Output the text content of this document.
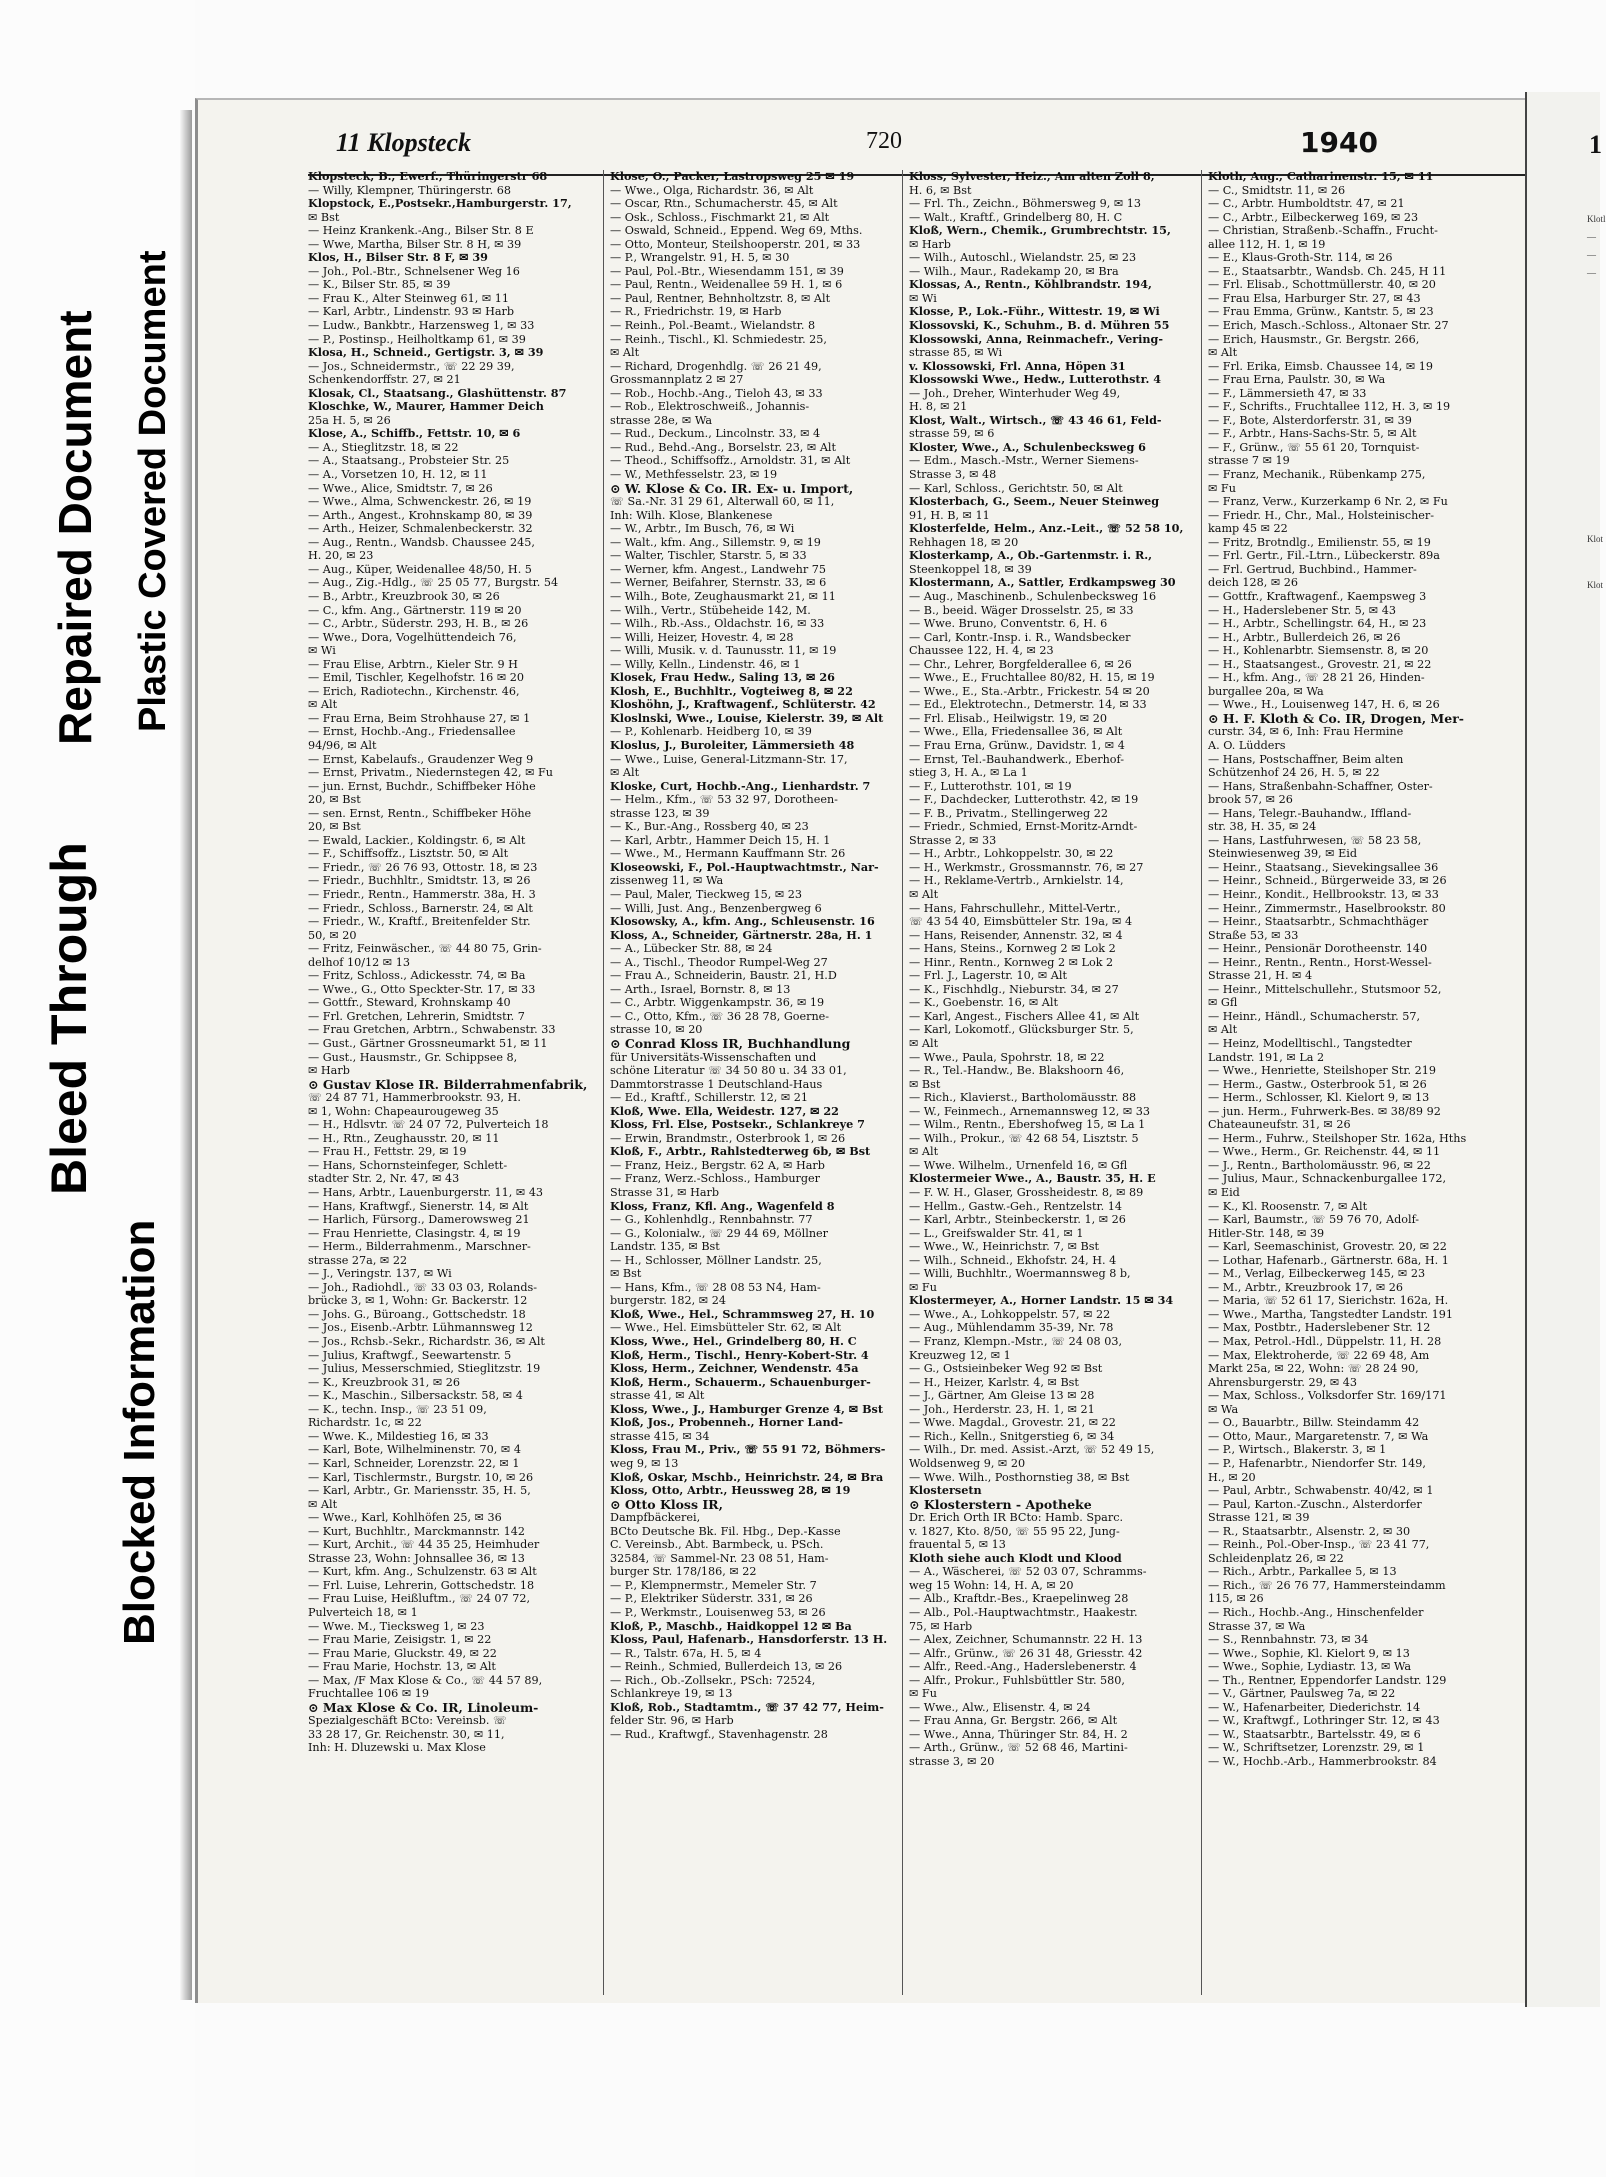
Bleed Through
Repaired Document Plastic Covered Document
Blocked Information
11 Klopsteck	720	1940
Klopsteck, B., Ewerf., Thüringerstr 68
— Willy, Klempner, Thüringerstr. 68
Klopstock, E.,Postsekr.,Hamburgerstr. 17,
✉ Bst
— Heinz Krankenk.-Ang., Bilser Str. 8 E
— Wwe, Martha, Bilser Str. 8 H, ✉ 39
Klos, H., Bilser Str. 8 F, ✉ 39
— Joh., Pol.-Btr., Schnelsener Weg 16
— K., Bilser Str. 85, ✉ 39
— Frau K., Alter Steinweg 61, ✉ 11
— Karl, Arbtr., Lindenstr. 93 ✉ Harb
— Ludw., Bankbtr., Harzensweg 1, ✉ 33
— P., Postinsp., Heilholtkamp 61, ✉ 39
Klosa, H., Schneid., Gertigstr. 3, ✉ 39
— Jos., Schneidermstr., ☏ 22 29 39,
Schenkendorffstr. 27, ✉ 21
Klosak, Cl., Staatsang., Glashüttenstr. 87
Kloschke, W., Maurer, Hammer Deich
25a H. 5, ✉ 26
Klose, A., Schiffb., Fettstr. 10, ✉ 6
— A., Stieglitzstr. 18, ✉ 22
— A., Staatsang., Probsteier Str. 25
— A., Vorsetzen 10, H. 12, ✉ 11
— Wwe., Alice, Smidtstr. 7, ✉ 26
— Wwe., Alma, Schwenckestr. 26, ✉ 19
— Arth., Angest., Krohnskamp 80, ✉ 39
— Arth., Heizer, Schmalenbeckerstr. 32
— Aug., Rentn., Wandsb. Chaussee 245,
H. 20, ✉ 23
— Aug., Küper, Weidenallee 48/50, H. 5
— Aug., Zig.-Hdlg., ☏ 25 05 77, Burgstr. 54
— B., Arbtr., Kreuzbrook 30, ✉ 26
— C., kfm. Ang., Gärtnerstr. 119 ✉ 20
— C., Arbtr., Süderstr. 293, H. B., ✉ 26
— Wwe., Dora, Vogelhüttendeich 76,
✉ Wi
— Frau Elise, Arbtrn., Kieler Str. 9 H
— Emil, Tischler, Kegelhofstr. 16 ✉ 20
— Erich, Radiotechn., Kirchenstr. 46,
✉ Alt
— Frau Erna, Beim Strohhause 27, ✉ 1
— Ernst, Hochb.-Ang., Friedensallee
94/96, ✉ Alt
— Ernst, Kabelaufs., Graudenzer Weg 9
— Ernst, Privatm., Niedernstegen 42, ✉ Fu
— jun. Ernst, Buchdr., Schiffbeker Höhe
20, ✉ Bst
— sen. Ernst, Rentn., Schiffbeker Höhe
20, ✉ Bst
— Ewald, Lackier., Koldingstr. 6, ✉ Alt
— F., Schiffsoffz., Lisztstr. 50, ✉ Alt
— Friedr., ☏ 26 76 93, Ottostr. 18, ✉ 23
— Friedr., Buchhltr., Smidtstr. 13, ✉ 26
— Friedr., Rentn., Hammerstr. 38a, H. 3
— Friedr., Schloss., Barnerstr. 24, ✉ Alt
— Friedr., W., Kraftf., Breitenfelder Str.
50, ✉ 20
— Fritz, Feinwäscher., ☏ 44 80 75, Grin-
delhof 10/12 ✉ 13
— Fritz, Schloss., Adickesstr. 74, ✉ Ba
— Wwe., G., Otto Speckter-Str. 17, ✉ 33
— Gottfr., Steward, Krohnskamp 40
— Frl. Gretchen, Lehrerin, Smidtstr. 7
— Frau Gretchen, Arbtrn., Schwabenstr. 33
— Gust., Gärtner Grossneumarkt 51, ✉ 11
— Gust., Hausmstr., Gr. Schippsee 8,
✉ Harb
⊙ Gustav Klose IR. Bilderrahmenfabrik,
☏ 24 87 71, Hammerbrookstr. 93, H.
✉ 1, Wohn: Chapeaurougeweg 35
— H., Hdlsvtr. ☏ 24 07 72, Pulverteich 18
— H., Rtn., Zeughausstr. 20, ✉ 11
— Frau H., Fettstr. 29, ✉ 19
— Hans, Schornsteinfeger, Schlett-
stadter Str. 2, Nr. 47, ✉ 43
— Hans, Arbtr., Lauenburgerstr. 11, ✉ 43
— Hans, Kraftwgf., Sienerstr. 14, ✉ Alt
— Harlich, Fürsorg., Damerowsweg 21
— Frau Henriette, Clasingstr. 4, ✉ 19
— Herm., Bilderrahmenm., Marschner-
strasse 27a, ✉ 22
— J., Veringstr. 137, ✉ Wi
— Joh., Radiohdl., ☏ 33 03 03, Rolands-
brücke 3, ✉ 1, Wohn: Gr. Backerstr. 12
— Johs. G., Büroang., Gottschedstr. 18
— Jos., Eisenb.-Arbtr. Lühmannsweg 12
— Jos., Rchsb.-Sekr., Richardstr. 36, ✉ Alt
— Julius, Kraftwgf., Seewartenstr. 5
— Julius, Messerschmied, Stieglitzstr. 19
— K., Kreuzbrook 31, ✉ 26
— K., Maschin., Silbersackstr. 58, ✉ 4
— K., techn. Insp., ☏ 23 51 09,
Richardstr. 1c, ✉ 22
— Wwe. K., Mildestieg 16, ✉ 33
— Karl, Bote, Wilhelminenstr. 70, ✉ 4
— Karl, Schneider, Lorenzstr. 22, ✉ 1
— Karl, Tischlermstr., Burgstr. 10, ✉ 26
— Karl, Arbtr., Gr. Mariensstr. 35, H. 5,
✉ Alt
— Wwe., Karl, Kohlhöfen 25, ✉ 36
— Kurt, Buchhltr., Marckmannstr. 142
— Kurt, Archit., ☏ 44 35 25, Heimhuder
Strasse 23, Wohn: Johnsallee 36, ✉ 13
— Kurt, kfm. Ang., Schulzenstr. 63 ✉ Alt
— Frl. Luise, Lehrerin, Gottschedstr. 18
— Frau Luise, Heißluftm., ☏ 24 07 72,
Pulverteich 18, ✉ 1
— Wwe. M., Tiecksweg 1, ✉ 23
— Frau Marie, Zeisigstr. 1, ✉ 22
— Frau Marie, Gluckstr. 49, ✉ 22
— Frau Marie, Hochstr. 13, ✉ Alt
— Max, /F Max Klose & Co., ☏ 44 57 89,
Fruchtallee 106 ✉ 19
⊙ Max Klose & Co. IR, Linoleum-
Spezialgeschäft BCto: Vereinsb. ☏
33 28 17, Gr. Reichenstr. 30, ✉ 11,
Inh: H. Dluzewski u. Max Klose
Klose, O., Packer, Lastropsweg 25 ✉ 19
— Wwe., Olga, Richardstr. 36, ✉ Alt
— Oscar, Rtn., Schumacherstr. 45, ✉ Alt
— Osk., Schloss., Fischmarkt 21, ✉ Alt
— Oswald, Schneid., Eppend. Weg 69, Mths.
— Otto, Monteur, Steilshooperstr. 201, ✉ 33
— P., Wrangelstr. 91, H. 5, ✉ 30
— Paul, Pol.-Btr., Wiesendamm 151, ✉ 39
— Paul, Rentn., Weidenallee 59 H. 1, ✉ 6
— Paul, Rentner, Behnholtzstr. 8, ✉ Alt
— R., Friedrichstr. 19, ✉ Harb
— Reinh., Pol.-Beamt., Wielandstr. 8
— Reinh., Tischl., Kl. Schmiedestr. 25,
✉ Alt
— Richard, Drogenhdlg. ☏ 26 21 49,
Grossmannplatz 2 ✉ 27
— Rob., Hochb.-Ang., Tieloh 43, ✉ 33
— Rob., Elektroschweiß., Johannis-
strasse 28e, ✉ Wa
— Rud., Deckum., Lincolnstr. 33, ✉ 4
— Rud., Behd.-Ang., Borselstr. 23, ✉ Alt
— Theod., Schiffsoffz., Arnoldstr. 31, ✉ Alt
— W., Methfesselstr. 23, ✉ 19
⊙ W. Klose & Co. IR. Ex- u. Import,
☏ Sa.-Nr. 31 29 61, Alterwall 60, ✉ 11,
Inh: Wilh. Klose, Blankenese
— W., Arbtr., Im Busch, 76, ✉ Wi
— Walt., kfm. Ang., Sillemstr. 9, ✉ 19
— Walter, Tischler, Starstr. 5, ✉ 33
— Werner, kfm. Angest., Landwehr 75
— Werner, Beifahrer, Sternstr. 33, ✉ 6
— Wilh., Bote, Zeughausmarkt 21, ✉ 11
— Wilh., Vertr., Stübeheide 142, M.
— Wilh., Rb.-Ass., Oldachstr. 16, ✉ 33
— Willi, Heizer, Hovestr. 4, ✉ 28
— Willi, Musik. v. d. Taunusstr. 11, ✉ 19
— Willy, Kelln., Lindenstr. 46, ✉ 1
Klosek, Frau Hedw., Saling 13, ✉ 26
Klosh, E., Buchhltr., Vogteiweg 8, ✉ 22
Kloshöhn, J., Kraftwagenf., Schlüterstr. 42
Kloslnski, Wwe., Louise, Kielerstr. 39, ✉ Alt
— P., Kohlenarb. Heidberg 10, ✉ 39
Kloslus, J., Buroleiter, Lämmersieth 48
— Wwe., Luise, General-Litzmann-Str. 17,
✉ Alt
Kloske, Curt, Hochb.-Ang., Lienhardstr. 7
— Helm., Kfm., ☏ 53 32 97, Dorotheen-
strasse 123, ✉ 39
— K., Bur.-Ang., Rossberg 40, ✉ 23
— Karl, Arbtr., Hammer Deich 15, H. 1
— Wwe., M., Hermann Kauffmann Str. 26
Kloseowski, F., Pol.-Hauptwachtmstr., Nar-
zissenweg 11, ✉ Wa
— Paul, Maler, Tieckweg 15, ✉ 23
— Willi, Just. Ang., Benzenbergweg 6
Klosowsky, A., kfm. Ang., Schleusenstr. 16
Kloss, A., Schneider, Gärtnerstr. 28a, H. 1
— A., Lübecker Str. 88, ✉ 24
— A., Tischl., Theodor Rumpel-Weg 27
— Frau A., Schneiderin, Baustr. 21, H.D
— Arth., Israel, Bornstr. 8, ✉ 13
— C., Arbtr. Wiggenkampstr. 36, ✉ 19
— C., Otto, Kfm., ☏ 36 28 78, Goerne-
strasse 10, ✉ 20
⊙ Conrad Kloss IR, Buchhandlung
für Universitäts-Wissenschaften und
schöne Literatur ☏ 34 50 80 u. 34 33 01,
Dammtorstrasse 1 Deutschland-Haus
— Ed., Kraftf., Schillerstr. 12, ✉ 21
Kloß, Wwe. Ella, Weidestr. 127, ✉ 22
Kloss, Frl. Else, Postsekr., Schlankreye 7
— Erwin, Brandmstr., Osterbrook 1, ✉ 26
Kloß, F., Arbtr., Rahlstedterweg 6b, ✉ Bst
— Franz, Heiz., Bergstr. 62 A, ✉ Harb
— Franz, Werz.-Schloss., Hamburger
Strasse 31, ✉ Harb
Kloss, Franz, Kfl. Ang., Wagenfeld 8
— G., Kohlenhdlg., Rennbahnstr. 77
— G., Kolonialw., ☏ 29 44 69, Möllner
Landstr. 135, ✉ Bst
— H., Schlosser, Möllner Landstr. 25,
✉ Bst
— Hans, Kfm., ☏ 28 08 53 N4, Ham-
burgerstr. 182, ✉ 24
Kloß, Wwe., Hel., Schrammsweg 27, H. 10
— Wwe., Hel. Eimsbütteler Str. 62, ✉ Alt
Kloss, Wwe., Hel., Grindelberg 80, H. C
Kloß, Herm., Tischl., Henry-Kobert-Str. 4
Kloss, Herm., Zeichner, Wendenstr. 45a
Kloß, Herm., Schauerm., Schauenburger-
strasse 41, ✉ Alt
Kloss, Wwe., J., Hamburger Grenze 4, ✉ Bst
Kloß, Jos., Probenneh., Horner Land-
strasse 415, ✉ 34
Kloss, Frau M., Priv., ☏ 55 91 72, Böhmers-
weg 9, ✉ 13
Kloß, Oskar, Mschb., Heinrichstr. 24, ✉ Bra
Kloss, Otto, Arbtr., Heussweg 28, ✉ 19
⊙ Otto Kloss IR,
Dampfbäckerei,
BCto Deutsche Bk. Fil. Hbg., Dep.-Kasse
C. Vereinsb., Abt. Barmbeck, u. PSch.
32584, ☏ Sammel-Nr. 23 08 51, Ham-
burger Str. 178/186, ✉ 22
— P., Klempnermstr., Memeler Str. 7
— P., Elektriker Süderstr. 331, ✉ 26
— P., Werkmstr., Louisenweg 53, ✉ 26
Kloß, P., Maschb., Haidkoppel 12 ✉ Ba
Kloss, Paul, Hafenarb., Hansdorferstr. 13 H.
— R., Talstr. 67a, H. 5, ✉ 4
— Reinh., Schmied, Bullerdeich 13, ✉ 26
— Rich., Ob.-Zollsekr., PSch: 72524,
Schlankreye 19, ✉ 13
Kloß, Rob., Stadtamtm., ☏ 37 42 77, Heim-
felder Str. 96, ✉ Harb
— Rud., Kraftwgf., Stavenhagenstr. 28
Kloss, Sylvester, Heiz., Am alten Zoll 8,
H. 6, ✉ Bst
— Frl. Th., Zeichn., Böhmersweg 9, ✉ 13
— Walt., Kraftf., Grindelberg 80, H. C
Kloß, Wern., Chemik., Grumbrechtstr. 15,
✉ Harb
— Wilh., Autoschl., Wielandstr. 25, ✉ 23
— Wilh., Maur., Radekamp 20, ✉ Bra
Klossas, A., Rentn., Köhlbrandstr. 194,
✉ Wi
Klosse, P., Lok.-Führ., Wittestr. 19, ✉ Wi
Klossovski, K., Schuhm., B. d. Mühren 55
Klossowski, Anna, Reinmachefr., Vering-
strasse 85, ✉ Wi
v. Klossowski, Frl. Anna, Höpen 31
Klossowski Wwe., Hedw., Lutterothstr. 4
— Joh., Dreher, Winterhuder Weg 49,
H. 8, ✉ 21
Klost, Walt., Wirtsch., ☏ 43 46 61, Feld-
strasse 59, ✉ 6
Kloster, Wwe., A., Schulenbecksweg 6
— Edm., Masch.-Mstr., Werner Siemens-
Strasse 3, ✉ 48
— Karl, Schloss., Gerichtstr. 50, ✉ Alt
Klosterbach, G., Seem., Neuer Steinweg
91, H. B, ✉ 11
Klosterfelde, Helm., Anz.-Leit., ☏ 52 58 10,
Rehhagen 18, ✉ 20
Klosterkamp, A., Ob.-Gartenmstr. i. R.,
Steenkoppel 18, ✉ 39
Klostermann, A., Sattler, Erdkampsweg 30
— Aug., Maschinenb., Schulenbecksweg 16
— B., beeid. Wäger Drosselstr. 25, ✉ 33
— Wwe. Bruno, Conventstr. 6, H. 6
— Carl, Kontr.-Insp. i. R., Wandsbecker
Chaussee 122, H. 4, ✉ 23
— Chr., Lehrer, Borgfelderallee 6, ✉ 26
— Wwe., E., Fruchtallee 80/82, H. 15, ✉ 19
— Wwe., E., Sta.-Arbtr., Frickestr. 54 ✉ 20
— Ed., Elektrotechn., Detmerstr. 14, ✉ 33
— Frl. Elisab., Heilwigstr. 19, ✉ 20
— Wwe., Ella, Friedensallee 36, ✉ Alt
— Frau Erna, Grünw., Davidstr. 1, ✉ 4
— Ernst, Tel.-Bauhandwerk., Eberhof-
stieg 3, H. A., ✉ La 1
— F., Lutterothstr. 101, ✉ 19
— F., Dachdecker, Lutterothstr. 42, ✉ 19
— F. B., Privatm., Stellingerweg 22
— Friedr., Schmied, Ernst-Moritz-Arndt-
Strasse 2, ✉ 33
— H., Arbtr., Lohkoppelstr. 30, ✉ 22
— H., Werkmstr., Grossmannstr. 76, ✉ 27
— H., Reklame-Vertrb., Arnkielstr. 14,
✉ Alt
— Hans, Fahrschullehr., Mittel-Vertr.,
☏ 43 54 40, Eimsbütteler Str. 19a, ✉ 4
— Hans, Reisender, Annenstr. 32, ✉ 4
— Hans, Steins., Kornweg 2 ✉ Lok 2
— Hinr., Rentn., Kornweg 2 ✉ Lok 2
— Frl. J., Lagerstr. 10, ✉ Alt
— K., Fischhdlg., Nieburstr. 34, ✉ 27
— K., Goebenstr. 16, ✉ Alt
— Karl, Angest., Fischers Allee 41, ✉ Alt
— Karl, Lokomotf., Glücksburger Str. 5,
✉ Alt
— Wwe., Paula, Spohrstr. 18, ✉ 22
— R., Tel.-Handw., Be. Blakshoorn 46,
✉ Bst
— Rich., Klavierst., Bartholomäusstr. 88
— W., Feinmech., Arnemannsweg 12, ✉ 33
— Wilm., Rentn., Ebershofweg 15, ✉ La 1
— Wilh., Prokur., ☏ 42 68 54, Lisztstr. 5
✉ Alt
— Wwe. Wilhelm., Urnenfeld 16, ✉ Gfl
Klostermeier Wwe., A., Baustr. 35, H. E
— F. W. H., Glaser, Grossheidestr. 8, ✉ 89
— Hellm., Gastw.-Geh., Rentzelstr. 14
— Karl, Arbtr., Steinbeckerstr. 1, ✉ 26
— L., Greifswalder Str. 41, ✉ 1
— Wwe., W., Heinrichstr. 7, ✉ Bst
— Wilh., Schneid., Ekhofstr. 24, H. 4
— Willi, Buchhltr., Woermannsweg 8 b,
✉ Fu
Klostermeyer, A., Horner Landstr. 15 ✉ 34
— Wwe., A., Lohkoppelstr. 57, ✉ 22
— Aug., Mühlendamm 35-39, Nr. 78
— Franz, Klempn.-Mstr., ☏ 24 08 03,
Kreuzweg 12, ✉ 1
— G., Ostsieinbeker Weg 92 ✉ Bst
— H., Heizer, Karlstr. 4, ✉ Bst
— J., Gärtner, Am Gleise 13 ✉ 28
— Joh., Herderstr. 23, H. 1, ✉ 21
— Wwe. Magdal., Grovestr. 21, ✉ 22
— Rich., Kelln., Snitgerstieg 6, ✉ 34
— Wilh., Dr. med. Assist.-Arzt, ☏ 52 49 15,
Woldsenweg 9, ✉ 20
— Wwe. Wilh., Posthornstieg 38, ✉ Bst
Klostersetn
⊙ Klosterstern - Apotheke
Dr. Erich Orth IR BCto: Hamb. Sparc.
v. 1827, Kto. 8/50, ☏ 55 95 22, Jung-
frauental 5, ✉ 13
Kloth siehe auch Klodt und Klood
— A., Wäscherei, ☏ 52 03 07, Schramms-
weg 15 Wohn: 14, H. A, ✉ 20
— Alb., Kraftdr.-Bes., Kraepelinweg 28
— Alb., Pol.-Hauptwachtmstr., Haakestr.
75, ✉ Harb
— Alex, Zeichner, Schumannstr. 22 H. 13
— Alfr., Grünw., ☏ 26 31 48, Griesstr. 42
— Alfr., Reed.-Ang., Haderslebenerstr. 4
— Alfr., Prokur., Fuhlsbüttler Str. 580,
✉ Fu
— Wwe., Alw., Elisenstr. 4, ✉ 24
— Frau Anna, Gr. Bergstr. 266, ✉ Alt
— Wwe., Anna, Thüringer Str. 84, H. 2
— Arth., Grünw., ☏ 52 68 46, Martini-
strasse 3, ✉ 20
Kloth, Aug., Catharinenstr. 15, ✉ 11
— C., Smidtstr. 11, ✉ 26
— C., Arbtr. Humboldtstr. 47, ✉ 21
— C., Arbtr., Eilbeckerweg 169, ✉ 23
— Christian, Straßenb.-Schaffn., Frucht-
allee 112, H. 1, ✉ 19
— E., Klaus-Groth-Str. 114, ✉ 26
— E., Staatsarbtr., Wandsb. Ch. 245, H 11
— Frl. Elisab., Schottmüllerstr. 40, ✉ 20
— Frau Elsa, Harburger Str. 27, ✉ 43
— Frau Emma, Grünw., Kantstr. 5, ✉ 23
— Erich, Masch.-Schloss., Altonaer Str. 27
— Erich, Hausmstr., Gr. Bergstr. 266,
✉ Alt
— Frl. Erika, Eimsb. Chaussee 14, ✉ 19
— Frau Erna, Paulstr. 30, ✉ Wa
— F., Lämmersieth 47, ✉ 33
— F., Schrifts., Fruchtallee 112, H. 3, ✉ 19
— F., Bote, Alsterdorferstr. 31, ✉ 39
— F., Arbtr., Hans-Sachs-Str. 5, ✉ Alt
— F., Grünw., ☏ 55 61 20, Tornquist-
strasse 7 ✉ 19
— Franz, Mechanik., Rübenkamp 275,
✉ Fu
— Franz, Verw., Kurzerkamp 6 Nr. 2, ✉ Fu
— Friedr. H., Chr., Mal., Holsteinischer-
kamp 45 ✉ 22
— Fritz, Brotndlg., Emilienstr. 55, ✉ 19
— Frl. Gertr., Fil.-Ltrn., Lübeckerstr. 89a
— Frl. Gertrud, Buchbind., Hammer-
deich 128, ✉ 26
— Gottfr., Kraftwagenf., Kaempsweg 3
— H., Haderslebener Str. 5, ✉ 43
— H., Arbtr., Schellingstr. 64, H., ✉ 23
— H., Arbtr., Bullerdeich 26, ✉ 26
— H., Kohlenarbtr. Siemsenstr. 8, ✉ 20
— H., Staatsangest., Grovestr. 21, ✉ 22
— H., kfm. Ang., ☏ 28 21 26, Hinden-
burgallee 20a, ✉ Wa
— Wwe., H., Louisenweg 147, H. 6, ✉ 26
⊙ H. F. Kloth & Co. IR, Drogen, Mer-
curstr. 34, ✉ 6, Inh: Frau Hermine
A. O. Lüdders
— Hans, Postschaffner, Beim alten
Schützenhof 24 26, H. 5, ✉ 22
— Hans, Straßenbahn-Schaffner, Oster-
brook 57, ✉ 26
— Hans, Telegr.-Bauhandw., Iffland-
str. 38, H. 35, ✉ 24
— Hans, Lastfuhrwesen, ☏ 58 23 58,
Steinwiesenweg 39, ✉ Eid
— Heinr., Staatsang., Sievekingsallee 36
— Heinr., Schneid., Bürgerweide 33, ✉ 26
— Heinr., Kondit., Hellbrookstr. 13, ✉ 33
— Heinr., Zimmermstr., Haselbrookstr. 80
— Heinr., Staatsarbtr., Schmachthäger
Straße 53, ✉ 33
— Heinr., Pensionär Dorotheenstr. 140
— Heinr., Rentn., Rentn., Horst-Wessel-
Strasse 21, H. ✉ 4
— Heinr., Mittelschullehr., Stutsmoor 52,
✉ Gfl
— Heinr., Händl., Schumacherstr. 57,
✉ Alt
— Heinz, Modelltischl., Tangstedter
Landstr. 191, ✉ La 2
— Wwe., Henriette, Steilshoper Str. 219
— Herm., Gastw., Osterbrook 51, ✉ 26
— Herm., Schlosser, Kl. Kielort 9, ✉ 13
— jun. Herm., Fuhrwerk-Bes. ✉ 38/89 92
Chateauneufstr. 31, ✉ 26
— Herm., Fuhrw., Steilshoper Str. 162a, Hths
— Wwe., Herm., Gr. Reichenstr. 44, ✉ 11
— J., Rentn., Bartholomäusstr. 96, ✉ 22
— Julius, Maur., Schnackenburgallee 172,
✉ Eid
— K., Kl. Roosenstr. 7, ✉ Alt
— Karl, Baumstr., ☏ 59 76 70, Adolf-
Hitler-Str. 148, ✉ 39
— Karl, Seemaschinist, Grovestr. 20, ✉ 22
— Lothar, Hafenarb., Gärtnerstr. 68a, H. 1
— M., Verlag, Eilbeckerweg 145, ✉ 23
— M., Arbtr., Kreuzbrook 17, ✉ 26
— Maria, ☏ 52 61 17, Sierichstr. 162a, H.
— Wwe., Martha, Tangstedter Landstr. 191
— Max, Postbtr., Haderslebener Str. 12
— Max, Petrol.-Hdl., Düppelstr. 11, H. 28
— Max, Elektroherde, ☏ 22 69 48, Am
Markt 25a, ✉ 22, Wohn: ☏ 28 24 90,
Ahrensburgerstr. 29, ✉ 43
— Max, Schloss., Volksdorfer Str. 169/171
✉ Wa
— O., Bauarbtr., Billw. Steindamm 42
— Otto, Maur., Margaretenstr. 7, ✉ Wa
— P., Wirtsch., Blakerstr. 3, ✉ 1
— P., Hafenarbtr., Niendorfer Str. 149,
H., ✉ 20
— Paul, Arbtr., Schwabenstr. 40/42, ✉ 1
— Paul, Karton.-Zuschn., Alsterdorfer
Strasse 121, ✉ 39
— R., Staatsarbtr., Alsenstr. 2, ✉ 30
— Reinh., Pol.-Ober-Insp., ☏ 23 41 77,
Schleidenplatz 26, ✉ 22
— Rich., Arbtr., Parkallee 5, ✉ 13
— Rich., ☏ 26 76 77, Hammersteindamm
115, ✉ 26
— Rich., Hochb.-Ang., Hinschenfelder
Strasse 37, ✉ Wa
— S., Rennbahnstr. 73, ✉ 34
— Wwe., Sophie, Kl. Kielort 9, ✉ 13
— Wwe., Sophie, Lydiastr. 13, ✉ Wa
— Th., Rentner, Eppendorfer Landstr. 129
— V., Gärtner, Paulsweg 7a, ✉ 22
— W., Hafenarbeiter, Diederichstr. 14
— W., Kraftwgf., Lothringer Str. 12, ✉ 43
— W., Staatsarbtr., Bartelsstr. 49, ✉ 6
— W., Schriftsetzer, Lorenzstr. 29, ✉ 1
— W., Hochb.-Arb., Hammerbrookstr. 84
1
Klotl
—
—
—
Klot
Klot
